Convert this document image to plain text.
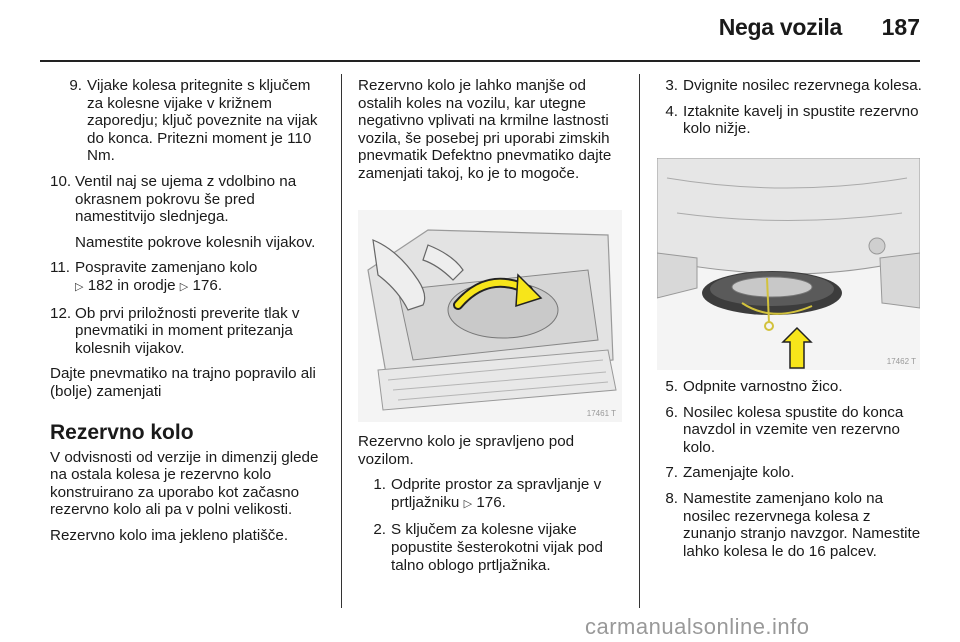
Nega vozila 187
9. Vijake kolesa pritegnite s ključem za kolesne vijake v križnem zaporedju; ključ poveznite na vijak do konca. Pritezni moment je 110 Nm.
10. Ventil naj se ujema z vdolbino na okrasnem pokrovu še pred namestitvijo slednjega.

Namestite pokrove kolesnih vijakov.

11. Pospravite zamenjano kolo
▷ 182 in orodje ▷ 176.
12. Ob prvi priložnosti preverite tlak v pnevmatiki in moment pritezanja kolesnih vijakov.

Dajte pnevmatiko na trajno popravilo ali (bolje) zamenjati

Rezervno kolo

V odvisnosti od verzije in dimenzij glede na ostala kolesa je rezervno kolo konstruirano za uporabo kot začasno rezervno kolo ali pa v polni velikosti.

Rezervno kolo ima jekleno platišče.

Rezervno kolo je lahko manjše od ostalih koles na vozilu, kar utegne negativno vplivati na krmilne lastnosti vozila, še posebej pri uporabi zimskih pnevmatik Defektno pnevmatiko dajte zamenjati takoj, ko je to mogoče.

17461 T

Rezervno kolo je spravljeno pod vozilom.

1. Odprite prostor za spravljanje v prtljažniku ▷ 176.
2. S ključem za kolesne vijake popustite šesterokotni vijak pod talno oblogo prtljažnika.
3. Dvignite nosilec rezervnega kolesa.
4. Iztaknite kavelj in spustite rezervno kolo nižje.
17462 T
5. Odpnite varnostno žico.
6. Nosilec kolesa spustite do konca navzdol in vzemite ven rezervno kolo.
7. Zamenjajte kolo.
8. Namestite zamenjano kolo na nosilec rezervnega kolesa z zunanjo stranjo navzgor. Namestite lahko kolesa le do 16 palcev.
carmanualsonline.info
